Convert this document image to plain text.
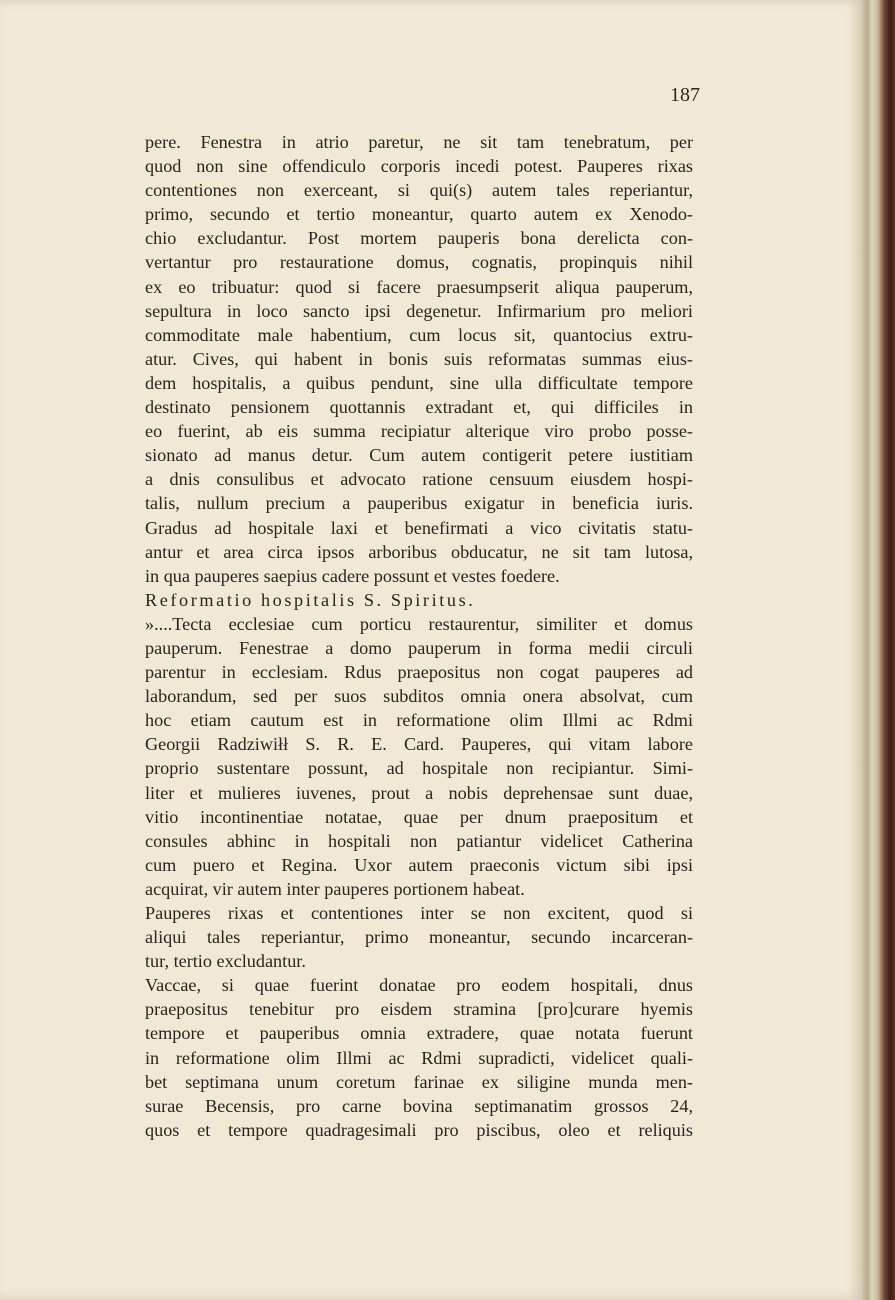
187
pere. Fenestra in atrio paretur, ne sit tam tenebratum, per
quod non sine offendiculo corporis incedi potest. Pauperes rixas
contentiones non exerceant, si qui(s) autem tales reperiantur,
primo, secundo et tertio moneantur, quarto autem ex Xenodo-
chio excludantur. Post mortem pauperis bona derelicta con-
vertantur pro restauratione domus, cognatis, propinquis nihil
ex eo tribuatur: quod si facere praesumpserit aliqua pauperum,
sepultura in loco sancto ipsi degenetur. Infirmarium pro meliori
commoditate male habentium, cum locus sit, quantocius extru-
atur. Cives, qui habent in bonis suis reformatas summas eius-
dem hospitalis, a quibus pendunt, sine ulla difficultate tempore
destinato pensionem quottannis extradant et, qui difficiles in
eo fuerint, ab eis summa recipiatur alterique viro probo posse-
sionato ad manus detur. Cum autem contigerit petere iustitiam
a dnis consulibus et advocato ratione censuum eiusdem hospi-
talis, nullum precium a pauperibus exigatur in beneficia iuris.
Gradus ad hospitale laxi et benefirmati a vico civitatis statu-
antur et area circa ipsos arboribus obducatur, ne sit tam lutosa,
in qua pauperes saepius cadere possunt et vestes foedere.
Reformatio hospitalis S. Spiritus.
»....Tecta ecclesiae cum porticu restaurentur, similiter et domus
pauperum. Fenestrae a domo pauperum in forma medii circuli
parentur in ecclesiam. Rdus praepositus non cogat pauperes ad
laborandum, sed per suos subditos omnia onera absolvat, cum
hoc etiam cautum est in reformatione olim Illmi ac Rdmi
Georgii Radziwiłł S. R. E. Card. Pauperes, qui vitam labore
proprio sustentare possunt, ad hospitale non recipiantur. Simi-
liter et mulieres iuvenes, prout a nobis deprehensae sunt duae,
vitio incontinentiae notatae, quae per dnum praepositum et
consules abhinc in hospitali non patiantur videlicet Catherina
cum puero et Regina. Uxor autem praeconis victum sibi ipsi
acquirat, vir autem inter pauperes portionem habeat.
Pauperes rixas et contentiones inter se non excitent, quod si
aliqui tales reperiantur, primo moneantur, secundo incarceran-
tur, tertio excludantur.
Vaccae, si quae fuerint donatae pro eodem hospitali, dnus
praepositus tenebitur pro eisdem stramina [pro]curare hyemis
tempore et pauperibus omnia extradere, quae notata fuerunt
in reformatione olim Illmi ac Rdmi supradicti, videlicet quali-
bet septimana unum coretum farinae ex siligine munda men-
surae Becensis, pro carne bovina septimanatim grossos 24,
quos et tempore quadragesimali pro piscibus, oleo et reliquis
